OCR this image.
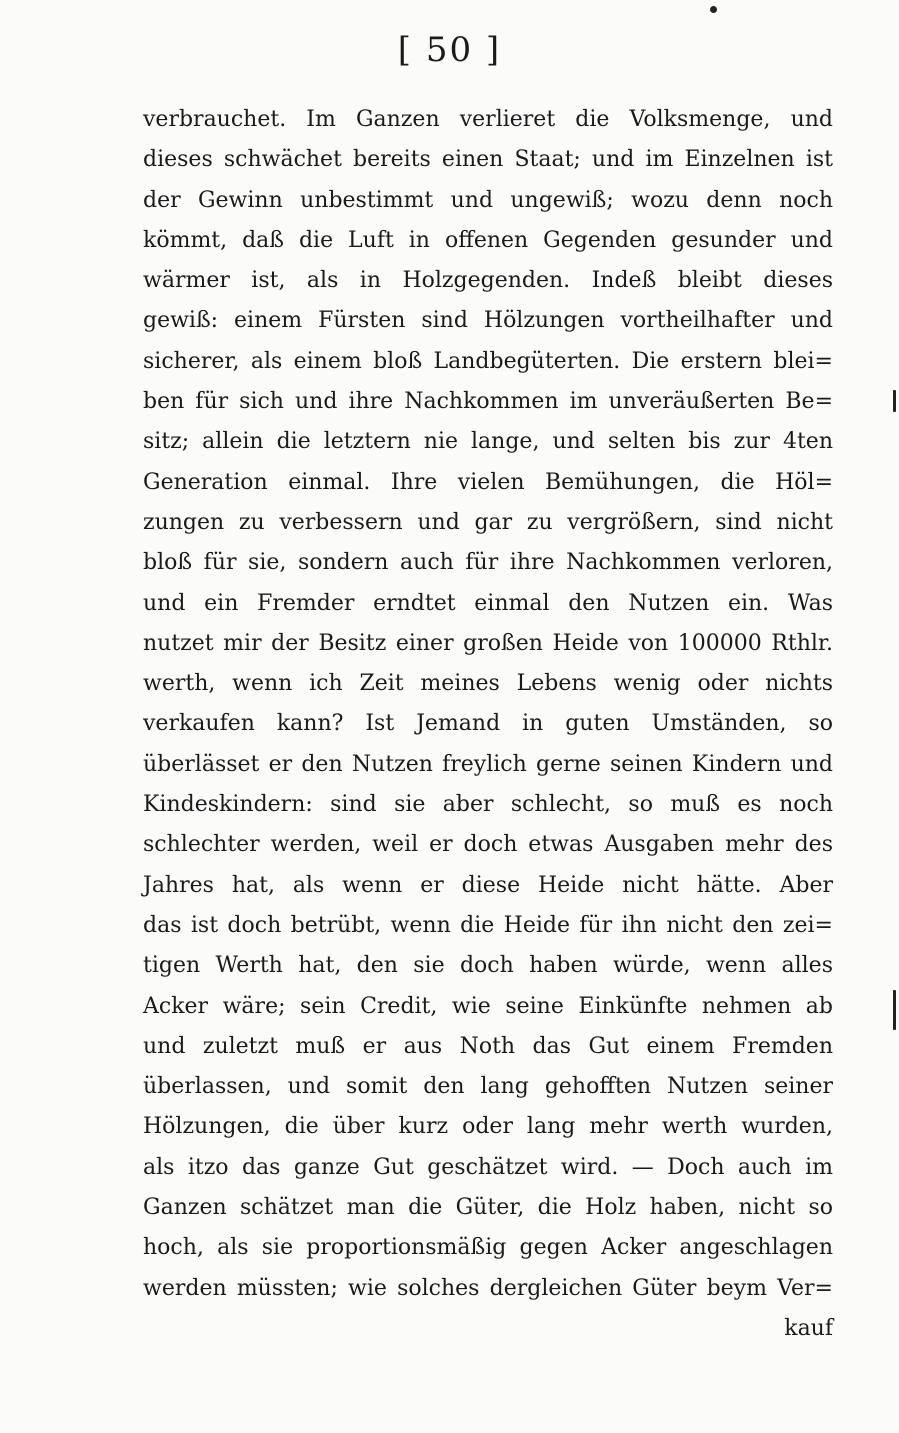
[ 50 ]
verbrauchet. Im Ganzen verlieret die Volksmenge, und
dieses schwächet bereits einen Staat; und im Einzelnen ist
der Gewinn unbestimmt und ungewiß; wozu denn noch
kömmt, daß die Luft in offenen Gegenden gesunder und
wärmer ist, als in Holzgegenden. Indeß bleibt dieses
gewiß: einem Fürsten sind Hölzungen vortheilhafter und
sicherer, als einem bloß Landbegüterten. Die erstern blei=
ben für sich und ihre Nachkommen im unveräußerten Be=
sitz; allein die letztern nie lange, und selten bis zur 4ten
Generation einmal. Ihre vielen Bemühungen, die Höl=
zungen zu verbessern und gar zu vergrößern, sind nicht
bloß für sie, sondern auch für ihre Nachkommen verloren,
und ein Fremder erndtet einmal den Nutzen ein. Was
nutzet mir der Besitz einer großen Heide von 100000 Rthlr.
werth, wenn ich Zeit meines Lebens wenig oder nichts
verkaufen kann? Ist Jemand in guten Umständen, so
überlässet er den Nutzen freylich gerne seinen Kindern und
Kindeskindern: sind sie aber schlecht, so muß es noch
schlechter werden, weil er doch etwas Ausgaben mehr des
Jahres hat, als wenn er diese Heide nicht hätte. Aber
das ist doch betrübt, wenn die Heide für ihn nicht den zei=
tigen Werth hat, den sie doch haben würde, wenn alles
Acker wäre; sein Credit, wie seine Einkünfte nehmen ab
und zuletzt muß er aus Noth das Gut einem Fremden
überlassen, und somit den lang gehofften Nutzen seiner
Hölzungen, die über kurz oder lang mehr werth wurden,
als itzo das ganze Gut geschätzet wird. — Doch auch im
Ganzen schätzet man die Güter, die Holz haben, nicht so
hoch, als sie proportionsmäßig gegen Acker angeschlagen
werden müssten; wie solches dergleichen Güter beym Ver=
kauf
